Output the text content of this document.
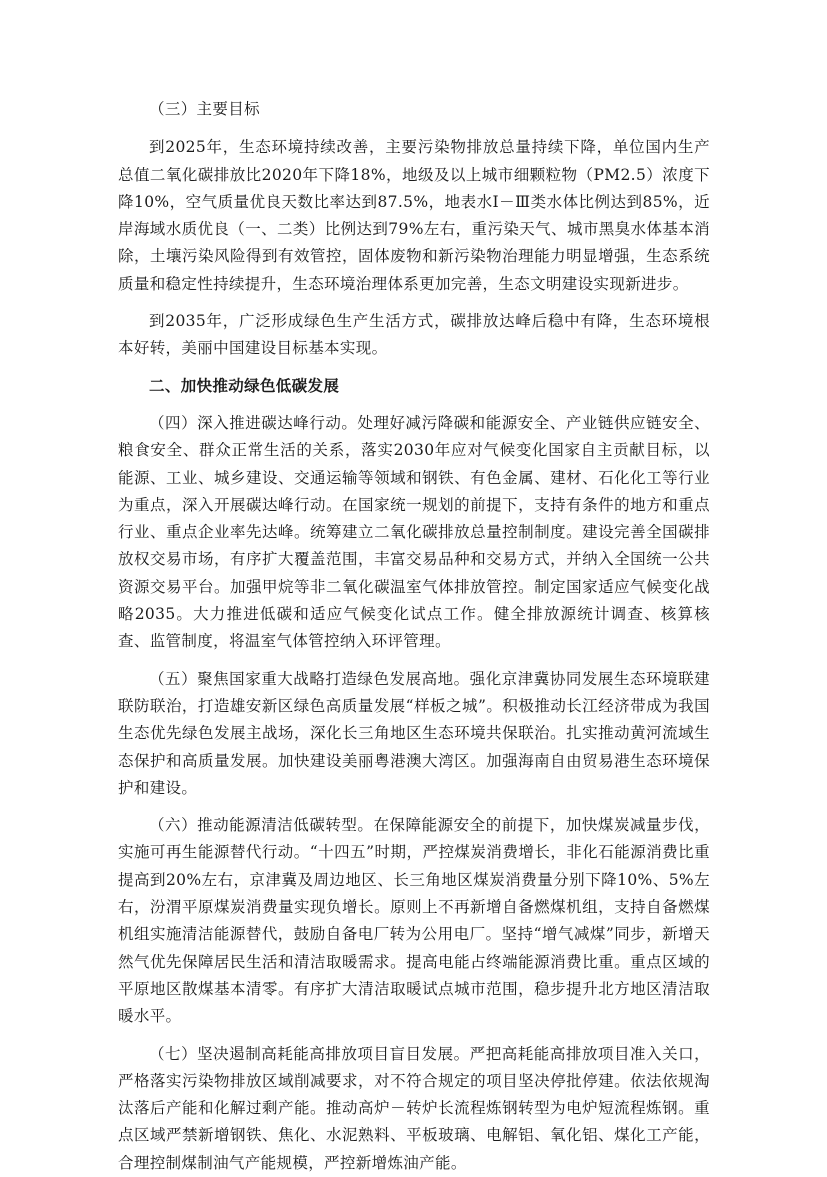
（三）主要目标

到2025年，生态环境持续改善，主要污染物排放总量持续下降，单位国内生产总值二氧化碳排放比2020年下降18%，地级及以上城市细颗粒物（PM2.5）浓度下降10%，空气质量优良天数比率达到87.5%，地表水Ⅰ－Ⅲ类水体比例达到85%，近岸海域水质优良（一、二类）比例达到79%左右，重污染天气、城市黑臭水体基本消除，土壤污染风险得到有效管控，固体废物和新污染物治理能力明显增强，生态系统质量和稳定性持续提升，生态环境治理体系更加完善，生态文明建设实现新进步。

到2035年，广泛形成绿色生产生活方式，碳排放达峰后稳中有降，生态环境根本好转，美丽中国建设目标基本实现。

二、加快推动绿色低碳发展

（四）深入推进碳达峰行动。处理好减污降碳和能源安全、产业链供应链安全、粮食安全、群众正常生活的关系，落实2030年应对气候变化国家自主贡献目标，以能源、工业、城乡建设、交通运输等领域和钢铁、有色金属、建材、石化化工等行业为重点，深入开展碳达峰行动。在国家统一规划的前提下，支持有条件的地方和重点行业、重点企业率先达峰。统筹建立二氧化碳排放总量控制制度。建设完善全国碳排放权交易市场，有序扩大覆盖范围，丰富交易品种和交易方式，并纳入全国统一公共资源交易平台。加强甲烷等非二氧化碳温室气体排放管控。制定国家适应气候变化战略2035。大力推进低碳和适应气候变化试点工作。健全排放源统计调查、核算核查、监管制度，将温室气体管控纳入环评管理。

（五）聚焦国家重大战略打造绿色发展高地。强化京津冀协同发展生态环境联建联防联治，打造雄安新区绿色高质量发展“样板之城”。积极推动长江经济带成为我国生态优先绿色发展主战场，深化长三角地区生态环境共保联治。扎实推动黄河流域生态保护和高质量发展。加快建设美丽粤港澳大湾区。加强海南自由贸易港生态环境保护和建设。

（六）推动能源清洁低碳转型。在保障能源安全的前提下，加快煤炭减量步伐，实施可再生能源替代行动。“十四五”时期，严控煤炭消费增长，非化石能源消费比重提高到20%左右，京津冀及周边地区、长三角地区煤炭消费量分别下降10%、5%左右，汾渭平原煤炭消费量实现负增长。原则上不再新增自备燃煤机组，支持自备燃煤机组实施清洁能源替代，鼓励自备电厂转为公用电厂。坚持“增气减煤”同步，新增天然气优先保障居民生活和清洁取暖需求。提高电能占终端能源消费比重。重点区域的平原地区散煤基本清零。有序扩大清洁取暖试点城市范围，稳步提升北方地区清洁取暖水平。

（七）坚决遏制高耗能高排放项目盲目发展。严把高耗能高排放项目准入关口，严格落实污染物排放区域削减要求，对不符合规定的项目坚决停批停建。依法依规淘汰落后产能和化解过剩产能。推动高炉－转炉长流程炼钢转型为电炉短流程炼钢。重点区域严禁新增钢铁、焦化、水泥熟料、平板玻璃、电解铝、氧化铝、煤化工产能，合理控制煤制油气产能规模，严控新增炼油产能。
